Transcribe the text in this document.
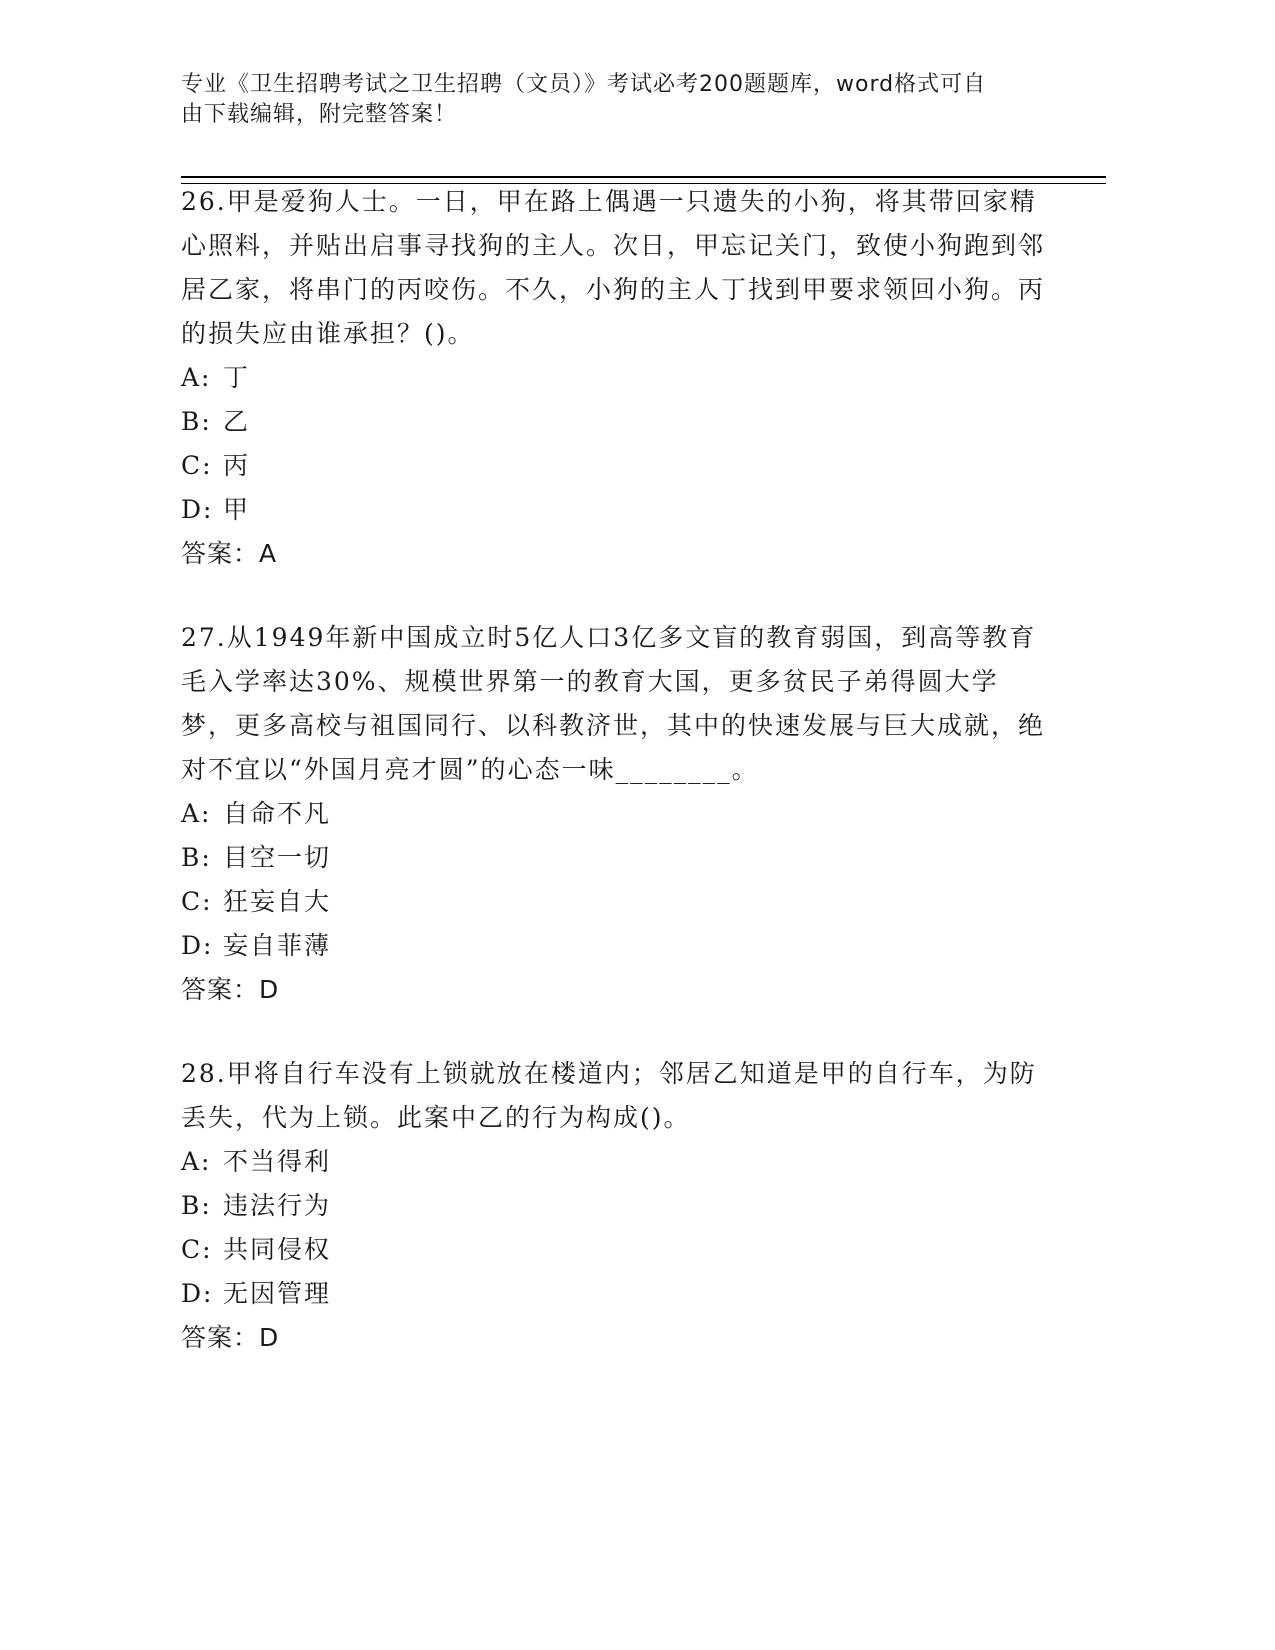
专业《卫生招聘考试之卫生招聘（文员）》考试必考200题题库，word格式可自
由下载编辑，附完整答案！

26.甲是爱狗人士。一日，甲在路上偶遇一只遗失的小狗，将其带回家精心照料，并贴出启事寻找狗的主人。次日，甲忘记关门，致使小狗跑到邻居乙家，将串门的丙咬伤。不久，小狗的主人丁找到甲要求领回小狗。丙的损失应由谁承担？()。

A: 丁

B: 乙

C: 丙

D: 甲

答案：A

27.从1949年新中国成立时5亿人口3亿多文盲的教育弱国，到高等教育毛入学率达30%、规模世界第一的教育大国，更多贫民子弟得圆大学梦，更多高校与祖国同行、以科教济世，其中的快速发展与巨大成就，绝对不宜以“外国月亮才圆”的心态一味________。

A: 自命不凡

B: 目空一切

C: 狂妄自大

D: 妄自菲薄

答案：D

28.甲将自行车没有上锁就放在楼道内；邻居乙知道是甲的自行车，为防丢失，代为上锁。此案中乙的行为构成()。

A: 不当得利

B: 违法行为

C: 共同侵权

D: 无因管理

答案：D
